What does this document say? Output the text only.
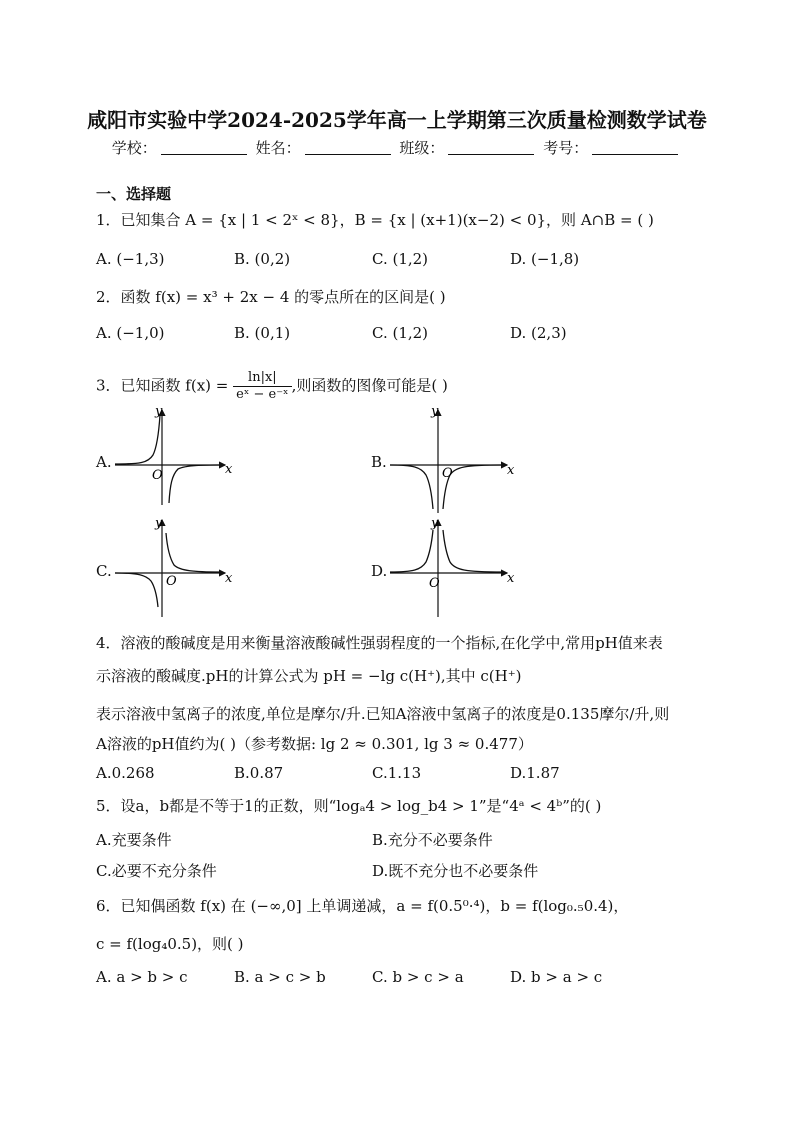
咸阳市实验中学2024-2025学年高一上学期第三次质量检测数学试卷
学校：	姓名：	班级：	考号：
一、选择题
1．已知集合 A = {x | 1 < 2ˣ < 8}，B = {x | (x+1)(x−2) < 0}，则 A∩B = ( )
A. (−1,3)	B. (0,2)	C. (1,2)	D. (−1,8)
2．函数 f(x) = x³ + 2x − 4 的零点所在的区间是( )
A. (−1,0)	B. (0,1)	C. (1,2)	D. (2,3)
3．已知函数 $f(x) = \frac{\ln|x|}{\text{eˣ − e⁻ˣ}}$ ,则函数的图像可能是( )
A.	B.
C.	D.
y
x
O
y
x
O
y
x
O
y
x
O
4．溶液的酸碱度是用来衡量溶液酸碱性强弱程度的一个指标,在化学中,常用pH值来表
示溶液的酸碱度.pH的计算公式为 pH = −lg c(H⁺),其中 c(H⁺)
表示溶液中氢离子的浓度,单位是摩尔/升.已知A溶液中氢离子的浓度是0.135摩尔/升,则
A溶液的pH值约为( )（参考数据: lg 2 ≈ 0.301, lg 3 ≈ 0.477）
A.0.268	B.0.87	C.1.13	D.1.87
5．设a，b都是不等于1的正数，则“logₐ4 > log_b4 > 1”是“4ᵃ < 4ᵇ”的( )
A.充要条件	B.充分不必要条件
C.必要不充分条件	D.既不充分也不必要条件
6．已知偶函数 f(x) 在 (−∞,0] 上单调递减，a = f(0.5⁰·⁴)，b = f(log₀.₅0.4)，
c = f(log₄0.5)，则( )
A. a > b > c	B. a > c > b	C. b > c > a	D. b > a > c
